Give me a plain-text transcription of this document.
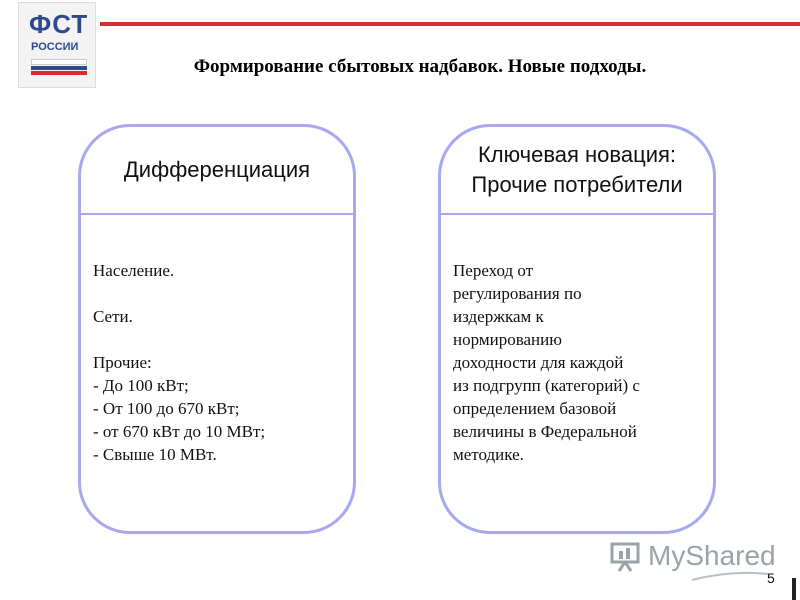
ФСТ
РОССИИ
Формирование сбытовых надбавок. Новые подходы.
Дифференциация
Население.

Сети.

Прочие:
- До 100 кВт;
- От 100 до 670 кВт;
- от 670 кВт до 10 МВт;
- Свыше 10 МВт.
Ключевая новация:
Прочие потребители
Переход от
регулирования по
издержкам к
нормированию
доходности для каждой
из подгрупп (категорий) с
определением базовой
величины в Федеральной
методике.
MyShared
5
